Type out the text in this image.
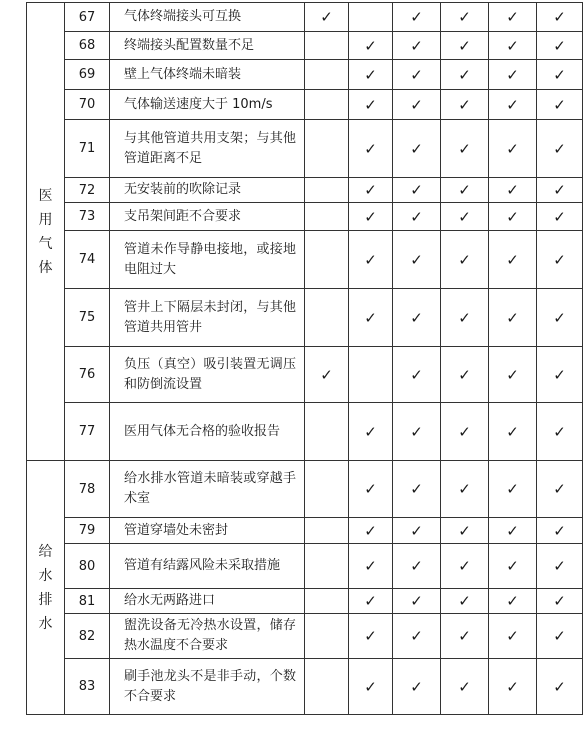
医
用
气
体	67	气体终端接头可互换	✓		✓	✓	✓	✓
	68	终端接头配置数量不足		✓	✓	✓	✓	✓
	69	壁上气体终端未暗装		✓	✓	✓	✓	✓
	70	气体输送速度大于 10m/s		✓	✓	✓	✓	✓
	71	与其他管道共用支架；与其他管道距离不足		✓	✓	✓	✓	✓
	72	无安装前的吹除记录		✓	✓	✓	✓	✓
	73	支吊架间距不合要求		✓	✓	✓	✓	✓
	74	管道未作导静电接地，或接地电阻过大		✓	✓	✓	✓	✓
	75	管井上下隔层未封闭，与其他管道共用管井		✓	✓	✓	✓	✓
	76	负压（真空）吸引装置无调压和防倒流设置	✓		✓	✓	✓	✓
	77	医用气体无合格的验收报告		✓	✓	✓	✓	✓

给
水
排
水	78	给水排水管道未暗装或穿越手术室		✓	✓	✓	✓	✓
	79	管道穿墙处未密封		✓	✓	✓	✓	✓
	80	管道有结露风险未采取措施		✓	✓	✓	✓	✓
	81	给水无两路进口		✓	✓	✓	✓	✓
	82	盥洗设备无冷热水设置，储存热水温度不合要求		✓	✓	✓	✓	✓
	83	刷手池龙头不是非手动，个数不合要求		✓	✓	✓	✓	✓
